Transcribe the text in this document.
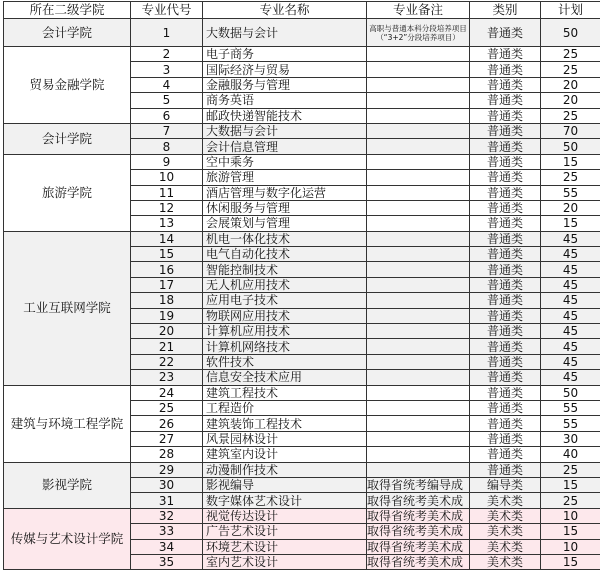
所在二级学院	专业代号	专业名称	专业备注	类别	计划
会计学院	1	大数据与会计	高职与普通本科分段培养项目（“3+2”分段培养项目）	普通类	50
贸易金融学院	2	电子商务		普通类	25
	3	国际经济与贸易		普通类	25
	4	金融服务与管理		普通类	20
	5	商务英语		普通类	20
	6	邮政快递智能技术		普通类	25
会计学院	7	大数据与会计		普通类	70
	8	会计信息管理		普通类	50
旅游学院	9	空中乘务		普通类	15
	10	旅游管理		普通类	25
	11	酒店管理与数字化运营		普通类	55
	12	休闲服务与管理		普通类	20
	13	会展策划与管理		普通类	15
工业互联网学院	14	机电一体化技术		普通类	45
	15	电气自动化技术		普通类	45
	16	智能控制技术		普通类	45
	17	无人机应用技术		普通类	45
	18	应用电子技术		普通类	45
	19	物联网应用技术		普通类	45
	20	计算机应用技术		普通类	45
	21	计算机网络技术		普通类	45
	22	软件技术		普通类	45
	23	信息安全技术应用		普通类	45
建筑与环境工程学院	24	建筑工程技术		普通类	50
	25	工程造价		普通类	55
	26	建筑装饰工程技术		普通类	55
	27	风景园林设计		普通类	30
	28	建筑室内设计		普通类	40
影视学院	29	动漫制作技术		普通类	25
	30	影视编导	取得省统考编导成	编导类	15
	31	数字媒体艺术设计	取得省统考美术成	美术类	25
传媒与艺术设计学院	32	视觉传达设计	取得省统考美术成	美术类	10
	33	广告艺术设计	取得省统考美术成	美术类	15
	34	环境艺术设计	取得省统考美术成	美术类	10
	35	室内艺术设计	取得省统考美术成	美术类	15
